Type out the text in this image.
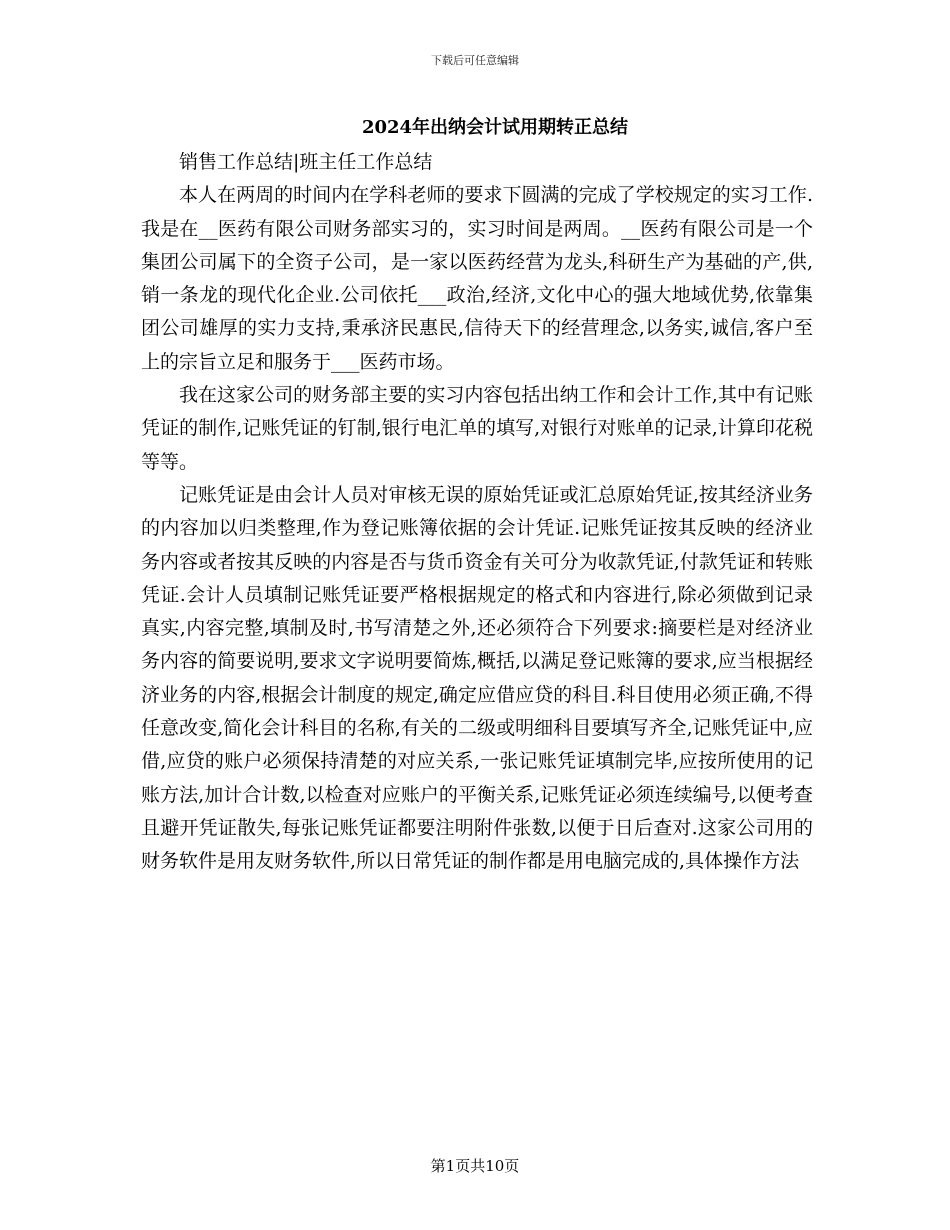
下载后可任意编辑
2024年出纳会计试用期转正总结

销售工作总结|班主任工作总结

本人在两周的时间内在学科老师的要求下圆满的完成了学校规定的实习工作.我是在__医药有限公司财务部实习的，实习时间是两周。__医药有限公司是一个集团公司属下的全资子公司，是一家以医药经营为龙头,科研生产为基础的产,供,销一条龙的现代化企业.公司依托___政治,经济,文化中心的强大地域优势,依靠集团公司雄厚的实力支持,秉承济民惠民,信待天下的经营理念,以务实,诚信,客户至上的宗旨立足和服务于___医药市场。

我在这家公司的财务部主要的实习内容包括出纳工作和会计工作,其中有记账凭证的制作,记账凭证的钉制,银行电汇单的填写,对银行对账单的记录,计算印花税等等。

记账凭证是由会计人员对审核无误的原始凭证或汇总原始凭证,按其经济业务的内容加以归类整理,作为登记账簿依据的会计凭证.记账凭证按其反映的经济业务内容或者按其反映的内容是否与货币资金有关可分为收款凭证,付款凭证和转账凭证.会计人员填制记账凭证要严格根据规定的格式和内容进行,除必须做到记录真实,内容完整,填制及时,书写清楚之外,还必须符合下列要求:摘要栏是对经济业务内容的简要说明,要求文字说明要简炼,概括,以满足登记账簿的要求,应当根据经济业务的内容,根据会计制度的规定,确定应借应贷的科目.科目使用必须正确,不得任意改变,简化会计科目的名称,有关的二级或明细科目要填写齐全,记账凭证中,应借,应贷的账户必须保持清楚的对应关系,一张记账凭证填制完毕,应按所使用的记账方法,加计合计数,以检查对应账户的平衡关系,记账凭证必须连续编号,以便考查且避开凭证散失,每张记账凭证都要注明附件张数,以便于日后查对.这家公司用的财务软件是用友财务软件,所以日常凭证的制作都是用电脑完成的,具体操作方法

第1页共10页
